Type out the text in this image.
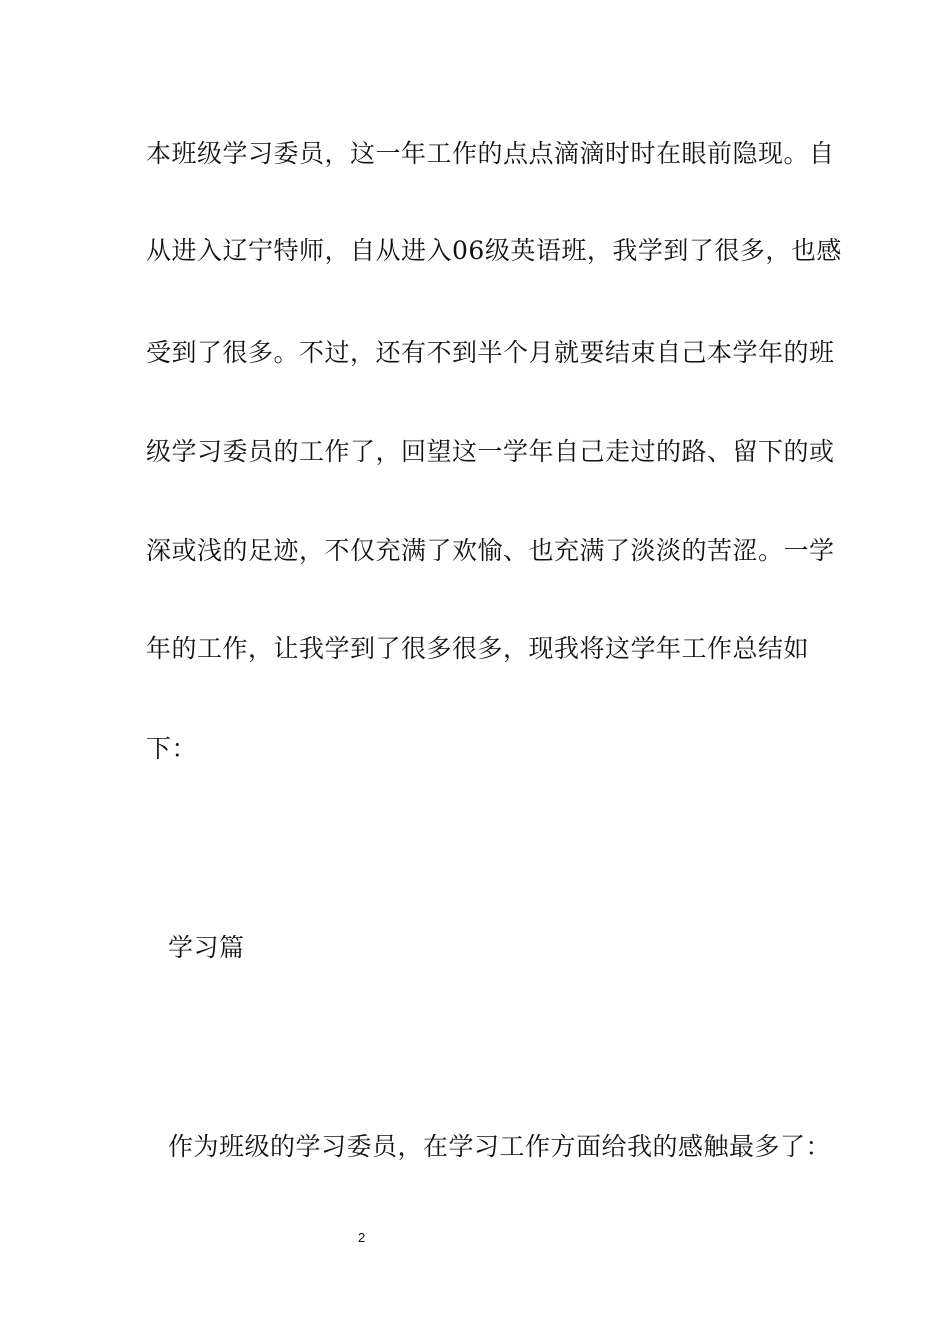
本班级学习委员，这一年工作的点点滴滴时时在眼前隐现。自
从进入辽宁特师，自从进入06级英语班，我学到了很多，也感
受到了很多。不过，还有不到半个月就要结束自己本学年的班
级学习委员的工作了，回望这一学年自己走过的路、留下的或
深或浅的足迹，不仅充满了欢愉、也充满了淡淡的苦涩。一学
年的工作，让我学到了很多很多，现我将这学年工作总结如
下：
学习篇
作为班级的学习委员，在学习工作方面给我的感触最多了：
2
